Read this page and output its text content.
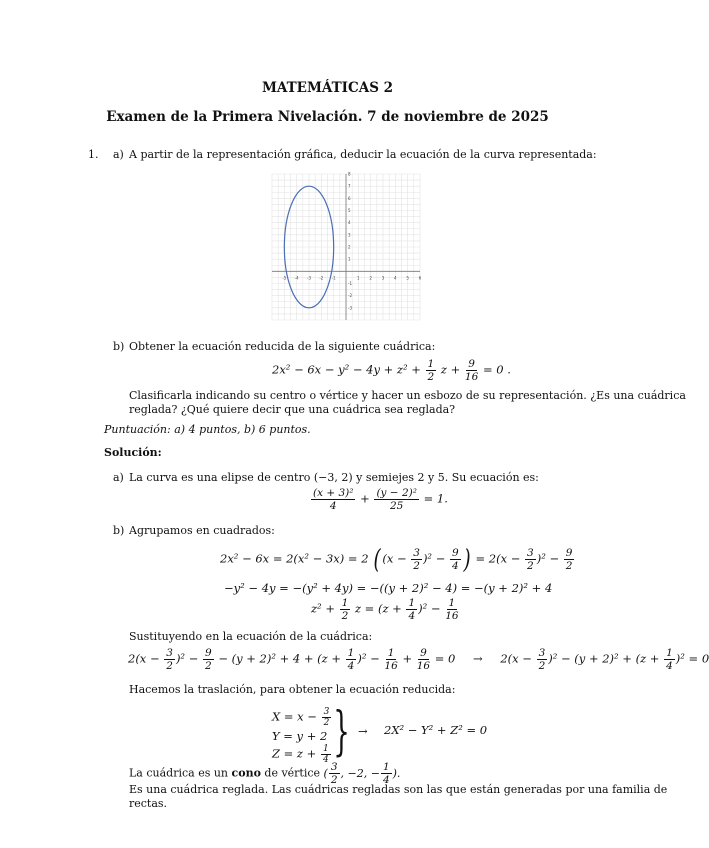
MATEMÁTICAS 2
Examen de la Primera Nivelación. 7 de noviembre de 2025
1. a) A partir de la representación gráfica, deducir la ecuación de la curva representada:
-5 -4 -3 -2 -1	1 2 3 4 5 6
-3
-2
-1
1
2
3
4
5
6
7
8
b) Obtener la ecuación reducida de la siguiente cuádrica:
$2x^2 - 6x - y^2 - 4y + z^2 + \frac{1}{2}$ $z + \frac{9}{16} = 0$ .
Clasificarla indicando su centro o vértice y hacer un esbozo de su representación. ¿Es una cuádrica
reglada? ¿Qué quiere decir que una cuádrica sea reglada?
Puntuación: a) 4 puntos, b) 6 puntos.
Solución:
a) La curva es una elipse de centro (−3, 2) y semiejes 2 y 5. Su ecuación es:
$\frac{\text{(x + 3)²}}{4} + \frac{\text{(y − 2)²}}{25} = 1$.
b) Agrupamos en cuadrados:
2x² − 6x = 2(x² − 3x) = 2 ( $(x - \frac{3}{2} )^2 - \frac{9}{4}$ ) = $2(x - \frac{3}{2} )^2 - \frac{9}{2}$
−y² − 4y = −(y² + 4y) = −((y + 2)² − 4) = −(y + 2)² + 4
$z^2 + \frac{1}{2}$ $z = (z + \frac{1}{4} )^2 - \frac{1}{16}$
Sustituyendo en la ecuación de la cuádrica:
$2(x - \frac{3}{2} )^2 - \frac{9}{2} - (y + 2)^2 + 4 + (z + \frac{1}{4} )^2 - \frac{1}{16} + \frac{9}{16} = 0 \to 2(x - \frac{3}{2} )^2 - (y + 2)^2 + (z + \frac{1}{4} )^2 = 0$
Hacemos la traslación, para obtener la ecuación reducida:
$X = x - \frac{3}{2}$
Y = y + 2
$Z = z + \frac{1}{4}$ } → 2X² − Y² + Z² = 0
La cuádrica es un cono de vértice ( $\frac{3}{2}$ , −2, − $\frac{1}{4}$ ).
Es una cuádrica reglada. Las cuádricas regladas son las que están generadas por una familia de
rectas.
